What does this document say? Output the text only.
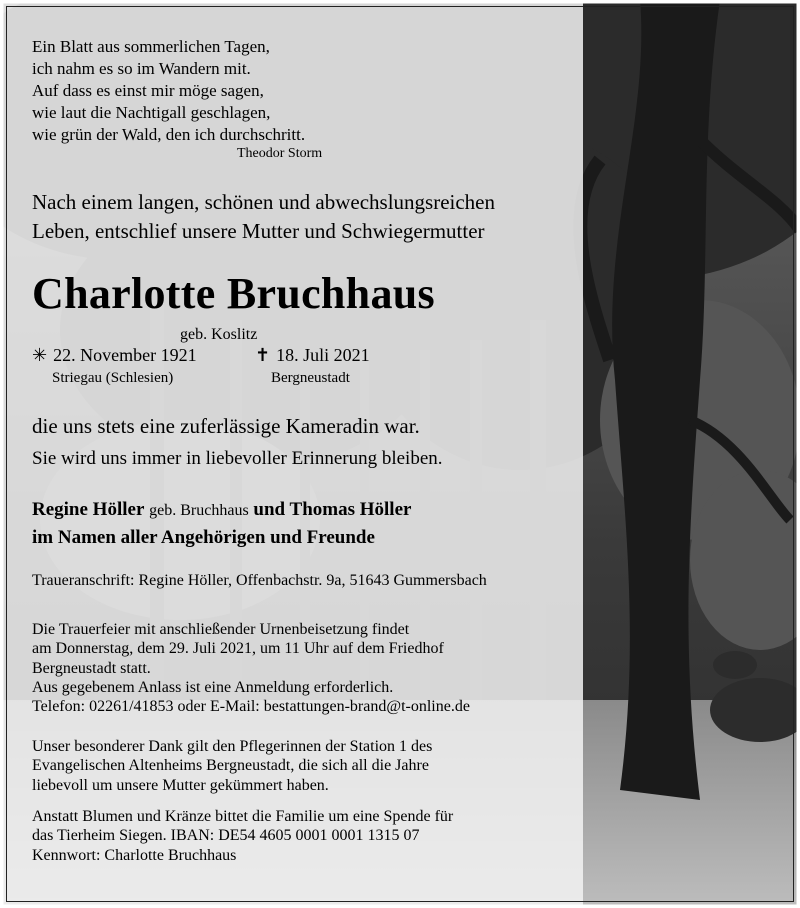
Ein Blatt aus sommerlichen Tagen,
ich nahm es so im Wandern mit.
Auf dass es einst mir möge sagen,
wie laut die Nachtigall geschlagen,
wie grün der Wald, den ich durchschritt.
Theodor Storm
Nach einem langen, schönen und abwechslungsreichen
Leben, entschlief unsere Mutter und Schwiegermutter
Charlotte Bruchhaus
geb. Koslitz
✳ 22. November 1921	✝ 18. Juli 2021
Striegau (Schlesien)	Bergneustadt
die uns stets eine zuferlässige Kameradin war.
Sie wird uns immer in liebevoller Erinnerung bleiben.
Regine Höller geb. Bruchhaus und Thomas Höller
im Namen aller Angehörigen und Freunde
Traueranschrift: Regine Höller, Offenbachstr. 9a, 51643 Gummersbach
Die Trauerfeier mit anschließender Urnenbeisetzung findet
am Donnerstag, dem 29. Juli 2021, um 11 Uhr auf dem Friedhof
Bergneustadt statt.
Aus gegebenem Anlass ist eine Anmeldung erforderlich.
Telefon: 02261/41853 oder E-Mail: bestattungen-brand@t-online.de
Unser besonderer Dank gilt den Pflegerinnen der Station 1 des
Evangelischen Altenheims Bergneustadt, die sich all die Jahre
liebevoll um unsere Mutter gekümmert haben.
Anstatt Blumen und Kränze bittet die Familie um eine Spende für
das Tierheim Siegen. IBAN: DE54 4605 0001 0001 1315 07
Kennwort: Charlotte Bruchhaus
